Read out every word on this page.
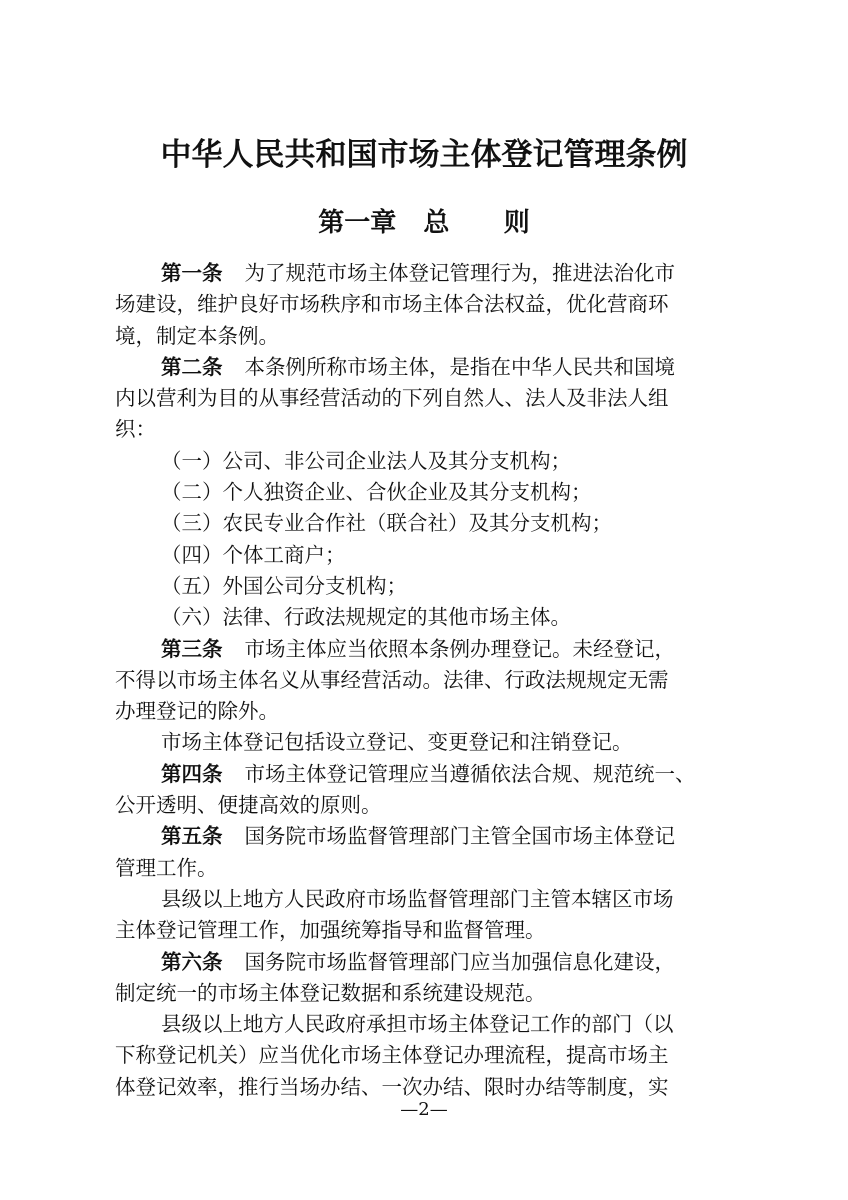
中华人民共和国市场主体登记管理条例
第一章   总      则

第一条 为了规范市场主体登记管理行为，推进法治化市

场建设，维护良好市场秩序和市场主体合法权益，优化营商环

境，制定本条例。

第二条 本条例所称市场主体，是指在中华人民共和国境

内以营利为目的从事经营活动的下列自然人、法人及非法人组

织：

（一）公司、非公司企业法人及其分支机构；

（二）个人独资企业、合伙企业及其分支机构；

（三）农民专业合作社（联合社）及其分支机构；

（四）个体工商户；

（五）外国公司分支机构；

（六）法律、行政法规规定的其他市场主体。

第三条 市场主体应当依照本条例办理登记。未经登记，

不得以市场主体名义从事经营活动。法律、行政法规规定无需

办理登记的除外。

市场主体登记包括设立登记、变更登记和注销登记。

第四条 市场主体登记管理应当遵循依法合规、规范统一、

公开透明、便捷高效的原则。

第五条 国务院市场监督管理部门主管全国市场主体登记

管理工作。

县级以上地方人民政府市场监督管理部门主管本辖区市场

主体登记管理工作，加强统筹指导和监督管理。

第六条 国务院市场监督管理部门应当加强信息化建设，

制定统一的市场主体登记数据和系统建设规范。

县级以上地方人民政府承担市场主体登记工作的部门（以

下称登记机关）应当优化市场主体登记办理流程，提高市场主

体登记效率，推行当场办结、一次办结、限时办结等制度，实

—2—
